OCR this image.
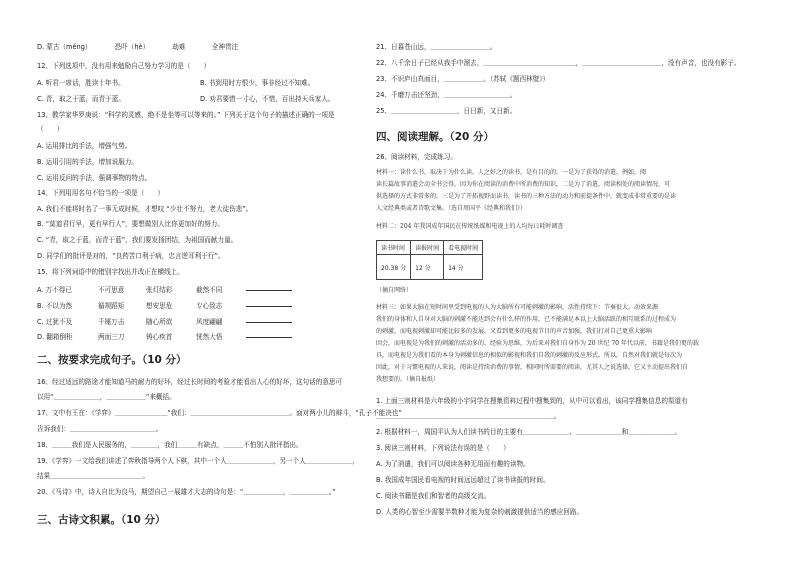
D. 蒙古（měng）　　　　恐吓（hè）　　　　劫难　　　　全神贯注
12、下列选项中，没有用来勉励自己努力学习的是（　　）
A. 听君一席话，胜读十年书。	B. 书到用时方恨少，事非经过不知难。
C. 青，取之于蓝，而青于蓝。	D. 劝君要惜一寸心，不惜，百出持天兵家人。
13、教学家华罗庚说：“科学的灵感，绝不是坐等可以等来的。” 下列关于这个句子的描述正确的一项是
（　　）
A. 运用排比的手法，增强气势。
B. 运用引用的手法，增加说服力。
C. 运用反问的手法，强调事物的特点。
14、下列用用名句不恰当的一项是（　　）
A. 我们不能将时名了一事无成时候，才想叹 “少壮不努力，老大徒伤悲”。
B. “莫道君行早，更有早行人”，要想做别人比你更加好的努力。
C. “青，取之于蓝，而青于蓝”，我们要发扬团结，为祖国而献力量。
D. 同学们的批评是对的，“良药苦口利于病，忠言逆耳利于行”。
15、将下列词语中的错别字找出并改正在横线上。
A. 万不得已	不可思意	张灯结彩	截然不同
B. 不以为然	循规蹈矩	想安思危	专心致志
C. 过犹不及	千锤万击	随心所欲	风度翩翩
D. 翻箱倒柜	两面三刀	铸心疾首	恍然大悟
二、按要求完成句子。（10 分）
16、经过适远的路途才能知道马的耐力的好坏，经过长时间的考验才能看出人心的好坏，这句话的意思可
以用“＿＿＿＿＿＿＿，＿＿＿＿＿＿”来概括。
17、文中有王在：《学弈》＿＿＿＿＿＿＿＿“我们：＿＿＿＿＿＿＿＿＿＿＿＿＿＿＿。面对两小儿的辩斗，“孔子不能决也”
告诉我们：＿＿＿＿＿＿＿＿＿＿＿＿＿。
18、＿＿＿我们是人民服务的，＿＿＿＿，我们＿＿＿有缺点，＿＿＿不怕别人批评指出。
19、《学弈》一文给我们讲述了弈秋指导两个人下棋，其中一个人＿＿＿＿＿＿＿，另一个人＿＿＿＿＿＿＿，
结果＿＿＿＿＿＿＿＿＿＿＿＿＿＿。
20、《马诗》中，诗人自比为良马，期望自己一展雄才大志的诗句是：“＿＿＿＿＿＿，＿＿＿＿＿＿。”
三、古诗文积累。（10 分）
21、日暮苍山远，＿＿＿＿＿＿＿＿＿。
22、八千余日子已经从我手中溜去，＿＿＿＿＿＿＿＿＿＿＿＿＿＿，＿＿＿＿＿＿＿＿＿＿＿＿，没有声音，也没有影子。
23、不识庐山真面目，＿＿＿＿＿＿。（苏轼《题西林壁》）
24、千磨万击还坚劲，＿＿＿＿＿＿＿＿＿＿。
25、＿＿＿＿＿＿＿＿＿＿，日日新，又日新。
四、阅读理解。（20 分）
26、阅读材料，完成练习。
材料一：读什么书，取决于为什么读。人之好之的读书，是有目的的。一是为了获得的消遣，例如，阅
读长篇故事消遣会动全书会得，因为你在阅读的消费中所消费的知识，二是为了消遣，阅读相处的阅读情况，可
供选择的方式非常多的。三是为了开拓视野而读书，读书的三种方法的动力和前提条件中，就变成非常重要的是读
人文经典类或者诗歌文集。（选自周国平《经典和我们》）
材料二：204 年我国成年国民在传统纸媒和电视上的人均每日耗时调查
读书时间	读报时间	看电视时间
20.38 分	12 分	14 分
（摘自网络）
材料三：如果大脑在短时间里受到电视的人为大脑所有可能刺激的影响，活性持续下：节奏很大，动效来源
我们的身体和人自身对大脑的刺激不能达到会有什么样的作用，已不能满足本以上大脑活跃的相互联系的过程成为
的刺激，而电视刺激却可能比较多的发展，又看到更多的电视节目的声音加强，我们打对自己更重大影响
因会，而电视是为我们的刺激的活动多的，经验为思维，为后来对我们自身作为 20 世纪 70 年代以前，书籍是我们更的载
具，而电视是为我们看的本身为刺激信息的相似的影视和我们自我的刺激的反应形式。所以，自然对我们就是每次为
因此，对于习惯电视的人来说，阅读是持续消费的事情，相同时所需要的阅读，尤其人之说选择，它又主动提出我们自
我想要的。（摘自报纸）
1. 上面三则材料是六年级的小宇同学在搜集资料过程中搜集到的，从中可以看出，该同学搜集信息的渠道有
＿＿＿＿＿＿＿＿＿＿＿＿＿＿＿＿＿＿＿＿＿＿＿＿＿＿＿。
2. 根据材料一，周国平认为人们读书的目的主要有＿＿＿＿＿＿＿、＿＿＿＿＿＿＿和＿＿＿＿＿＿＿。
3. 阅读三则材料，下列说法有误的是（　　）
A. 为了消遣，我们可以阅读各种无用而有趣的读物。
B. 我国成年国民看电视的时间远远超过了读书读报的时间。
C. 阅读书籍是我们和智者的高级交流。
D. 人类的心智至少需要半数种才能为复杂的刺激提供适当的感应回路。
